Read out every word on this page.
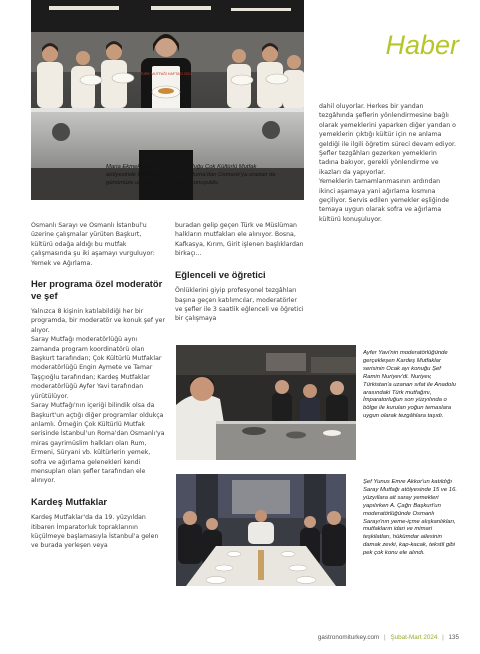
TÜRK MUTFAĞI HAFTASI 2024

Maria Ekmekçioğlu'nun konuk olduğu Çok Kültürlü Mutfak atölyesinde İstanbullu Rumların Roma'dan Osmanlı'ya oradan da günümüze ulaşan yemek mirası konuşuldu.

Haber

dahil oluyorlar. Herkes bir yandan tezgâhında şeflerin yönlendirmesine bağlı olarak yemeklerini yaparken diğer yandan o yemeklerin çıktığı kültür için ne anlama geldiği ile ilgili öğretim süreci devam ediyor. Şefler tezgâhları gezerken yemeklerin tadına bakıyor, gerekli yönlendirme ve ikazları da yapıyorlar.

Yemeklerin tamamlanmasının ardından ikinci aşamaya yani ağırlama kısmına geçiliyor. Servis edilen yemekler eşliğinde temaya uygun olarak sofra ve ağırlama kültürü konuşuluyor.

Osmanlı Sarayı ve Osmanlı İstanbul'u üzerine çalışmalar yürüten Başkurt, kültürü odağa aldığı bu mutfak çalışmasında şu iki aşamayı vurguluyor: Yemek ve Ağırlama.

Her programa özel moderatör ve şef

Yalnızca 8 kişinin katılabildiği her bir programda, bir moderatör ve konuk şef yer alıyor.

Saray Mutfağı moderatörlüğü aynı zamanda program koordinatörü olan Başkurt tarafından; Çok Kültürlü Mutfaklar moderatörlüğü Engin Aymete ve Tamar Taşçıoğlu tarafından; Kardeş Mutfaklar moderatörlüğü Ayfer Yavi tarafından yürütülüyor.

Saray Mutfağı'nın içeriği bilindik olsa da Başkurt'un açtığı diğer programlar oldukça anlamlı. Örneğin Çok Kültürlü Mutfak serisinde İstanbul'un Roma'dan Osmanlı'ya miras gayrimüslim halkları olan Rum, Ermeni, Süryani vb. kültürlerin yemek, sofra ve ağırlama gelenekleri kendi mensupları olan şefler tarafından ele alınıyor.

Kardeş Mutfaklar

Kardeş Mutfaklar'da da 19. yüzyıldan itibaren İmparatorluk topraklarının küçülmeye başlamasıyla İstanbul'a gelen ve burada yerleşen veya

buradan gelip geçen Türk ve Müslüman halkların mutfakları ele alınıyor. Bosna, Kafkasya, Kırım, Girit işlenen başlıklardan birkaçı...

Eğlenceli ve öğretici

Önlüklerini giyip profesyonel tezgâhları başına geçen katılımcılar, moderatörler ve şefler ile 3 saatlik eğlenceli ve öğretici bir çalışmaya

Ayfer Yavi'nin moderatörlüğünde gerçekleşen Kardeş Mutfaklar serisinin Ocak ayı konuğu Şef Ramin Nuriyev'di. Nuriyev, Türkistan'a uzanan sıfat ile Anadolu arasındaki Türk mutfağını, İmparatorluğun son yüzyılında o bölge ile kurulan yoğun temaslara uygun olarak tezgâhlara taşıdı.

Şef Yunus Emre Akkor'un katıldığı Saray Mutfağı atölyesinde 15 ve 16. yüzyıllara ait saray yemekleri yapılırken A. Çağrı Başkurt'un moderatörlüğünde Osmanlı Sarayı'nın yeme-içme alışkanlıkları, mutfakların idari ve mimari teşkilatları, hükümdar ailesinin damak zevki, kap-kacak, tekstil gibi pek çok konu ele alındı.

gastronomiturkey.com | Şubat-Mart 2024 | 135
